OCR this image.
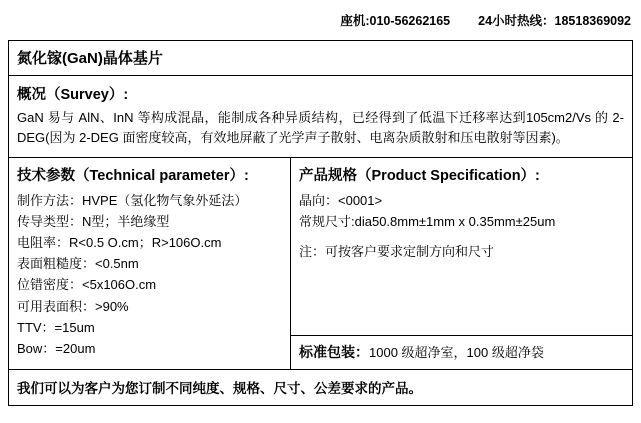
座机:010-56262165 24小时热线：18518369092
氮化镓(GaN)晶体基片
概况（Survey）:
GaN 易与 AlN、InN 等构成混晶，能制成各种异质结构，已经得到了低温下迁移率达到105cm2/Vs 的 2-DEG(因为 2-DEG 面密度较高，有效地屏蔽了光学声子散射、电离杂质散射和压电散射等因素)。
技术参数（Technical parameter）:
制作方法：HVPE（氢化物气象外延法）
传导类型：N型；半绝缘型
电阻率：R<0.5 O.cm；R>106O.cm
表面粗糙度：<0.5nm
位错密度：<5x106O.cm
可用表面积：>90%
TTV：=15um
Bow：=20um
产品规格（Product Specification）:
晶向：<0001>
常规尺寸:dia50.8mm±1mm x 0.35mm±25um
注：可按客户要求定制方向和尺寸
标准包装：1000 级超净室，100 级超净袋
我们可以为客户为您订制不同纯度、规格、尺寸、公差要求的产品。
